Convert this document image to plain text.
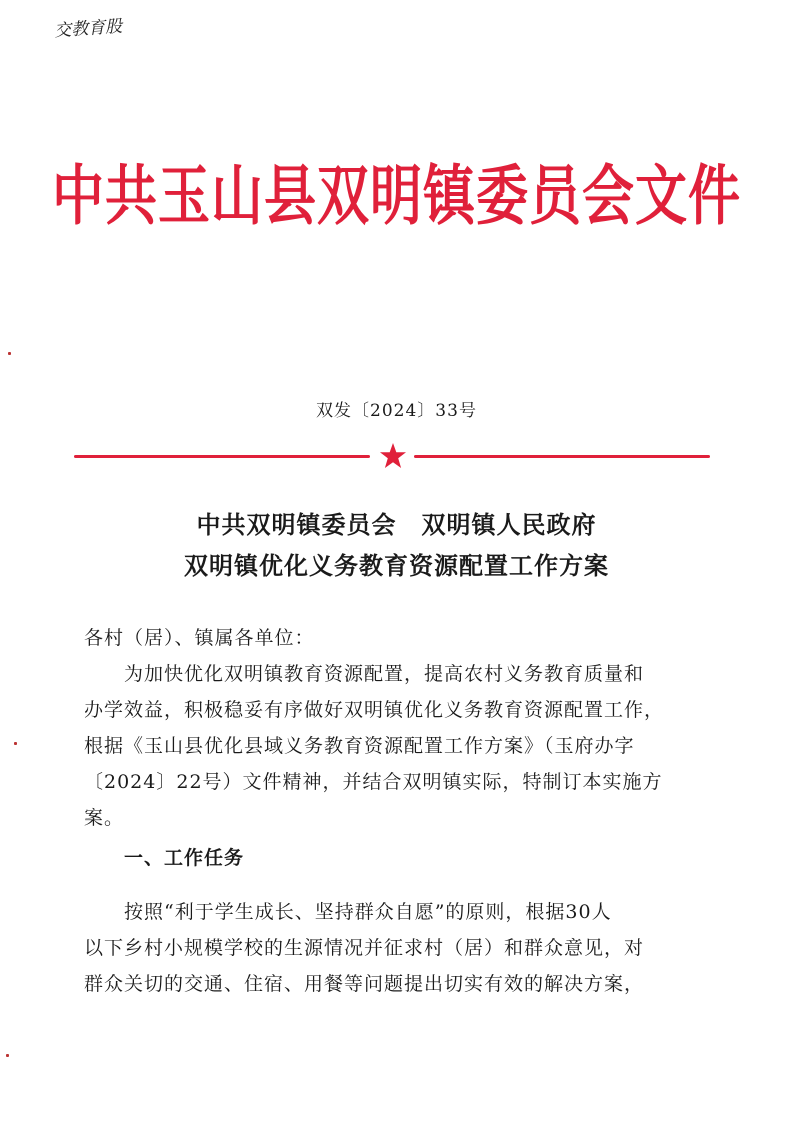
交教育股
中共玉山县双明镇委员会文件
双发〔2024〕33号
中共双明镇委员会　双明镇人民政府
双明镇优化义务教育资源配置工作方案
各村（居）、镇属各单位：
　　为加快优化双明镇教育资源配置，提高农村义务教育质量和
办学效益，积极稳妥有序做好双明镇优化义务教育资源配置工作，
根据《玉山县优化县域义务教育资源配置工作方案》（玉府办字
〔2024〕22号）文件精神，并结合双明镇实际，特制订本实施方
案。
　　一、工作任务
　　按照“利于学生成长、坚持群众自愿”的原则，根据30人
以下乡村小规模学校的生源情况并征求村（居）和群众意见，对
群众关切的交通、住宿、用餐等问题提出切实有效的解决方案，
